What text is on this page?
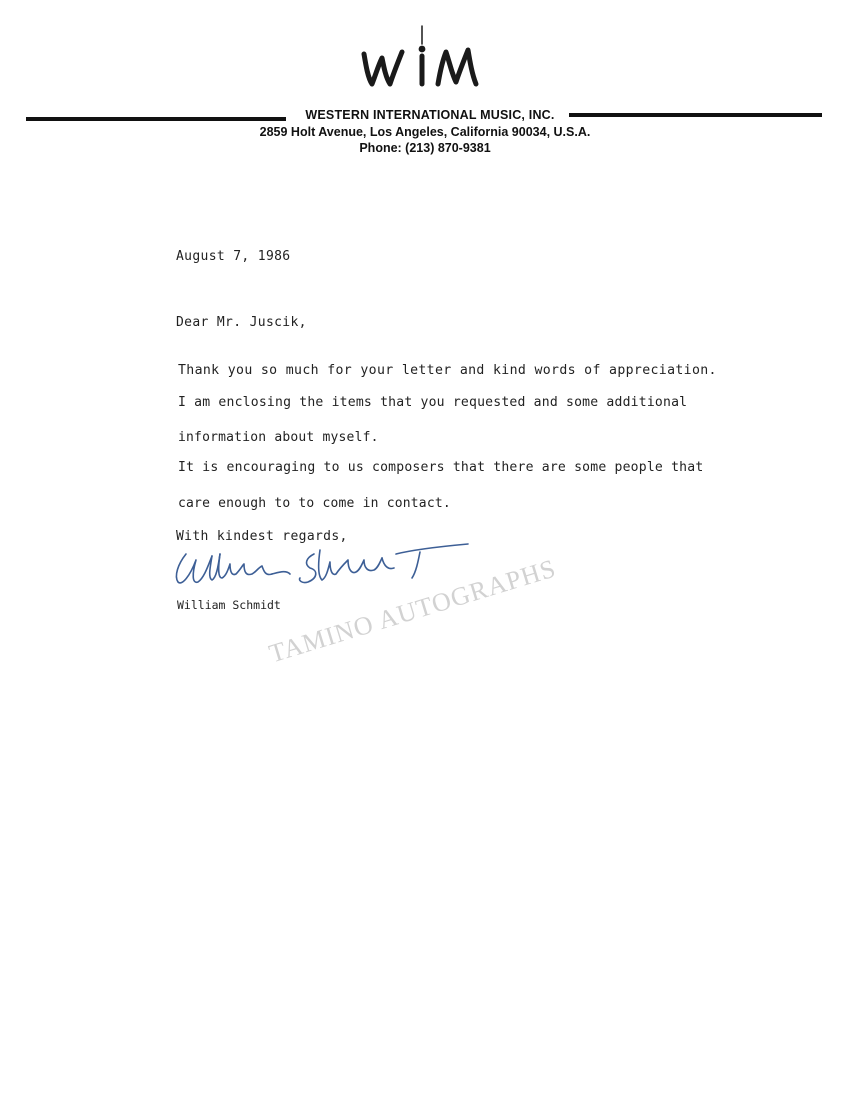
WESTERN INTERNATIONAL MUSIC, INC.
2859 Holt Avenue, Los Angeles, California 90034, U.S.A.
Phone: (213) 870-9381
August 7, 1986
Dear Mr. Juscik,
Thank you so much for your letter and kind words of appreciation.
I am enclosing the items that you requested and some additional
information about myself.
It is encouraging to us composers that there are some people that
care enough to to come in contact.
With kindest regards,
William Schmidt
TAMINO AUTOGRAPHS
